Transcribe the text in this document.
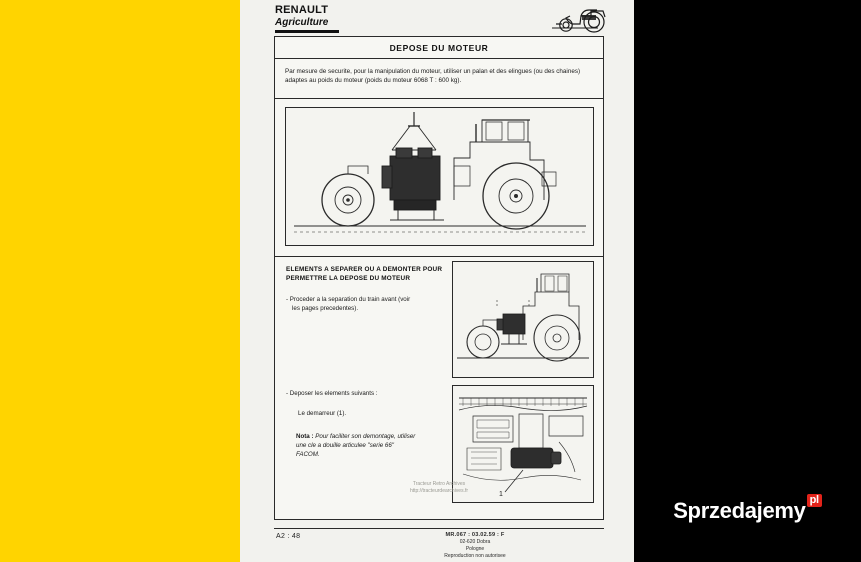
RENAULT
Agriculture
DEPOSE DU MOTEUR

Par mesure de securite, pour la manipulation du moteur, utiliser un palan et des elingues (ou des chaines) adaptes au poids du moteur (poids du moteur 6068 T : 600 kg).

ELEMENTS A SEPARER OU A DEMONTER POUR
PERMETTRE LA DEPOSE DU MOTEUR
- Proceder a la separation du train avant (voir
les pages precedentes).
- Deposer les elements suivants :
Le demarreur (1).
Nota : Pour faciliter son demontage, utiliser
une cle a douille articulee "serie 66"
FACOM.
1
Tracteur Retro Archives
http://tracteurdearchives.fr
A2 : 48	MR.067 : 03.02.59 : F
02-620 Dobra
Pologne
Reproduction non autorisee
Sprzedajemy pl
